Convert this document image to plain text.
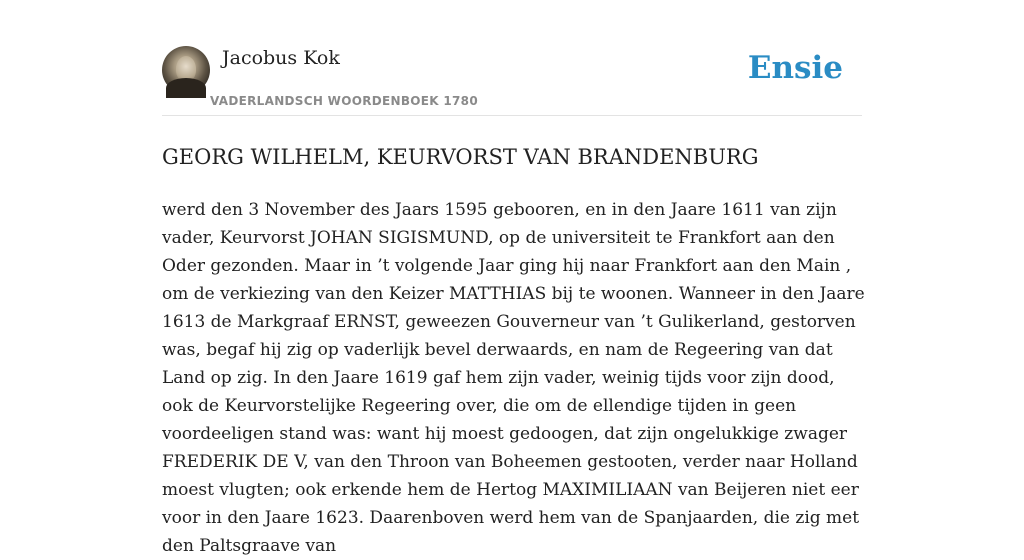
Jacobus Kok
VADERLANDSCH WOORDENBOEK 1780
Ensie
GEORG WILHELM, KEURVORST VAN BRANDENBURG

werd den 3 November des Jaars 1595 gebooren, en in den Jaare 1611 van zijn vader, Keurvorst JOHAN SIGISMUND, op de universiteit te Frankfort aan den Oder gezonden. Maar in ’t volgende Jaar ging hij naar Frankfort aan den Main , om de verkiezing van den Keizer MATTHIAS bij te woonen. Wanneer in den Jaare 1613 de Markgraaf ERNST, geweezen Gouverneur van ’t Gulikerland, gestorven was, begaf hij zig op vaderlijk bevel derwaards, en nam de Regeering van dat Land op zig. In den Jaare 1619 gaf hem zijn vader, weinig tijds voor zijn dood, ook de Keurvorstelijke Regeering over, die om de ellendige tijden in geen voordeeligen stand was: want hij moest gedoogen, dat zijn ongelukkige zwager FREDERIK DE V, van den Throon van Boheemen gestooten, verder naar Holland moest vlugten; ook erkende hem de Hertog MAXIMILIAAN van Beijeren niet eer voor in den Jaare 1623. Daarenboven werd hem van de Spanjaarden, die zig met den Paltsgraave van
